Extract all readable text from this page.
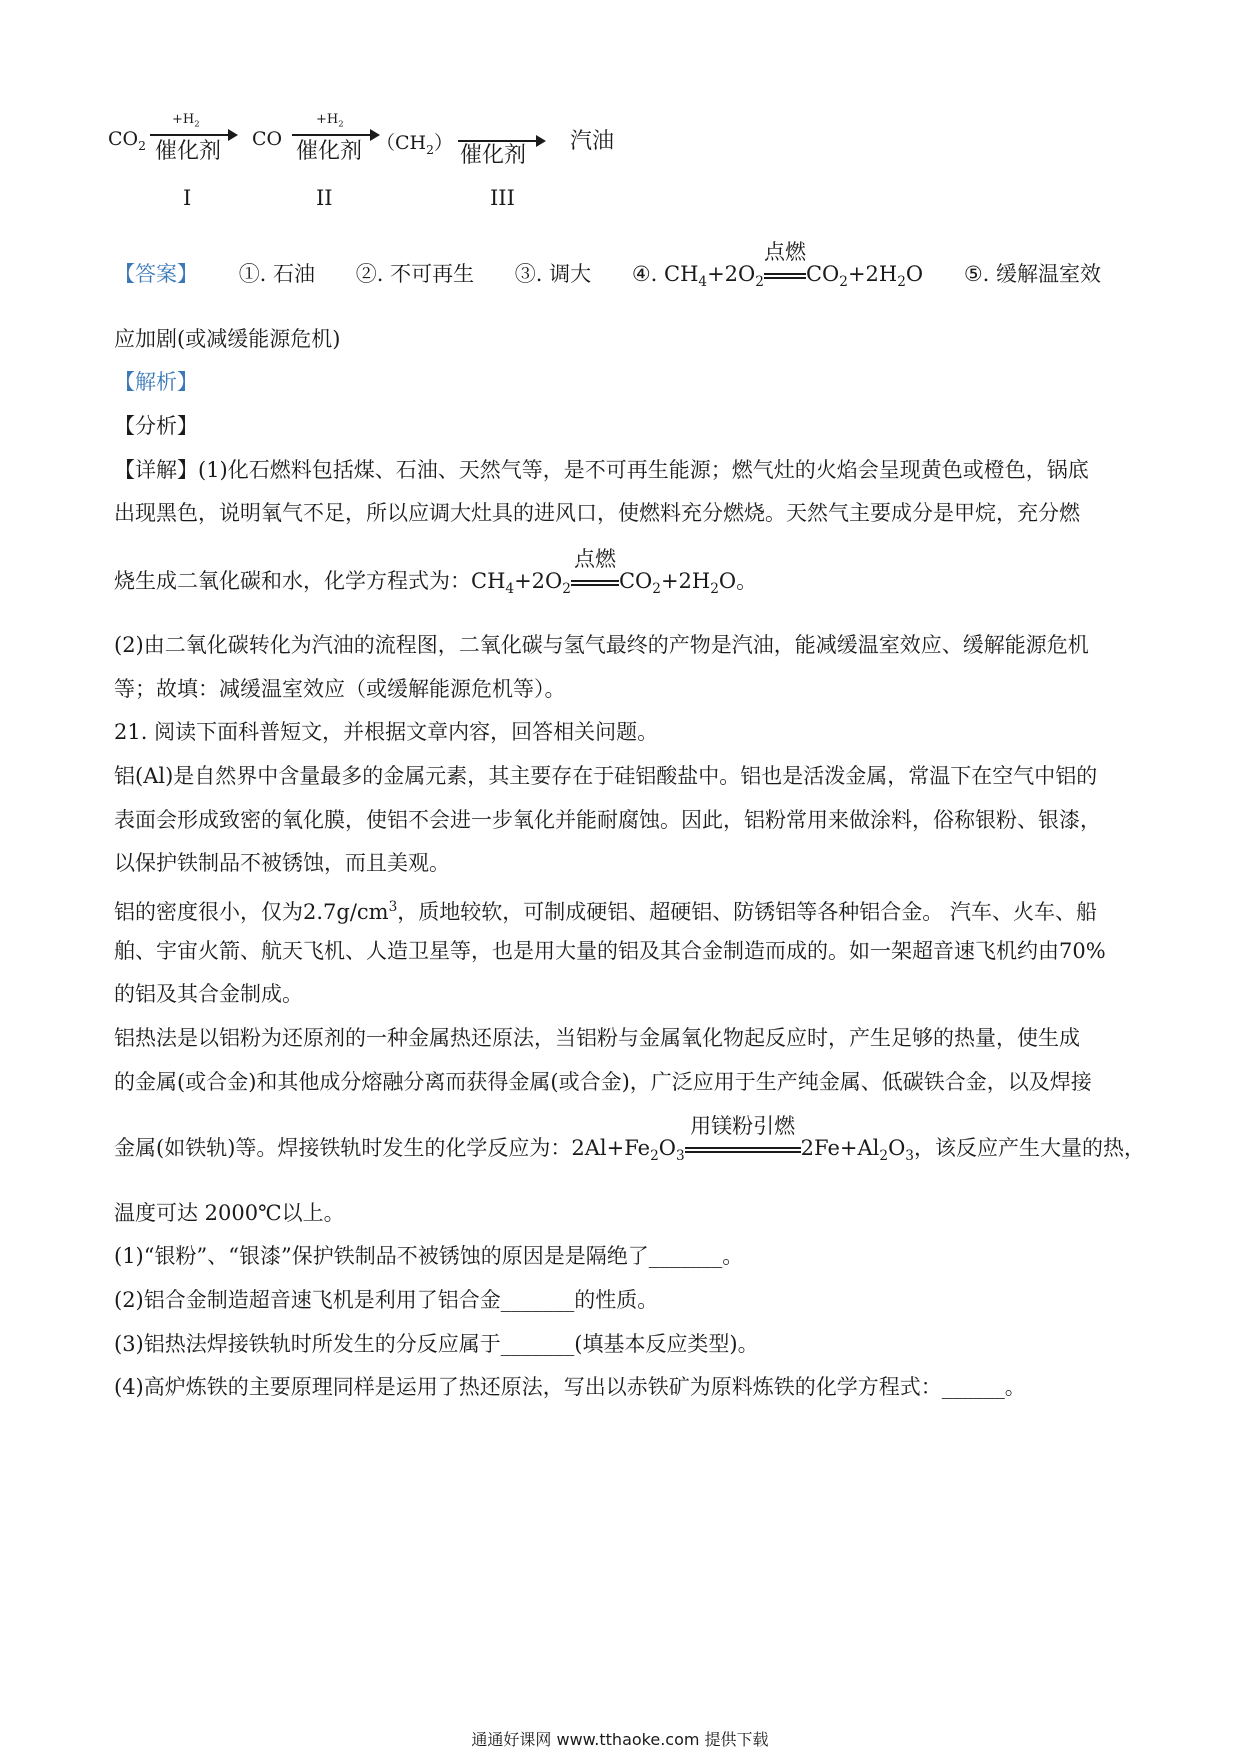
$CO_2$
$+H_2$
催化剂 CO
$+H_2$
催化剂 $(CH_2)$ 催化剂
汽油
I	II	III
【答案】 ①. 石油 ②. 不可再生 ③. 调大 ④. $CH_4+2O_2$
点燃
$CO_2+2H_2O$ ⑤. 缓解温室效
应加剧(或减缓能源危机)
【解析】
【分析】
【详解】(1)化石燃料包括煤、石油、天然气等，是不可再生能源；燃气灶的火焰会呈现黄色或橙色，锅底
出现黑色，说明氧气不足，所以应调大灶具的进风口，使燃料充分燃烧。天然气主要成分是甲烷，充分燃
烧生成二氧化碳和水，化学方程式为：$CH_4+2O_2$
点燃
$CO_2+2H_2O$。
(2)由二氧化碳转化为汽油的流程图，二氧化碳与氢气最终的产物是汽油，能减缓温室效应、缓解能源危机
等；故填：减缓温室效应（或缓解能源危机等）。
21. 阅读下面科普短文，并根据文章内容，回答相关问题。
铝(Al)是自然界中含量最多的金属元素，其主要存在于硅铝酸盐中。铝也是活泼金属，常温下在空气中铝的
表面会形成致密的氧化膜，使铝不会进一步氧化并能耐腐蚀。因此，铝粉常用来做涂料，俗称银粉、银漆，
以保护铁制品不被锈蚀，而且美观。
铝的密度很小，仅为$2.7g/cm^3$，质地较软，可制成硬铝、超硬铝、防锈铝等各种铝合金。 汽车、火车、船
舶、宇宙火箭、航天飞机、人造卫星等，也是用大量的铝及其合金制造而成的。如一架超音速飞机约由70%
的铝及其合金制成。
铝热法是以铝粉为还原剂的一种金属热还原法，当铝粉与金属氧化物起反应时，产生足够的热量，使生成
的金属(或合金)和其他成分熔融分离而获得金属(或合金)，广泛应用于生产纯金属、低碳铁合金，以及焊接
金属(如铁轨)等。焊接铁轨时发生的化学反应为：$2Al+Fe_2O_3$
用镁粉引燃
$2Fe+Al_2O_3$，该反应产生大量的热，
温度可达 2000℃以上。
(1)“银粉”、“银漆”保护铁制品不被锈蚀的原因是是隔绝了_______。
(2)铝合金制造超音速飞机是利用了铝合金_______的性质。
(3)铝热法焊接铁轨时所发生的分反应属于_______(填基本反应类型)。
(4)高炉炼铁的主要原理同样是运用了热还原法，写出以赤铁矿为原料炼铁的化学方程式：______。
通通好课网 www.tthaoke.com 提供下载
